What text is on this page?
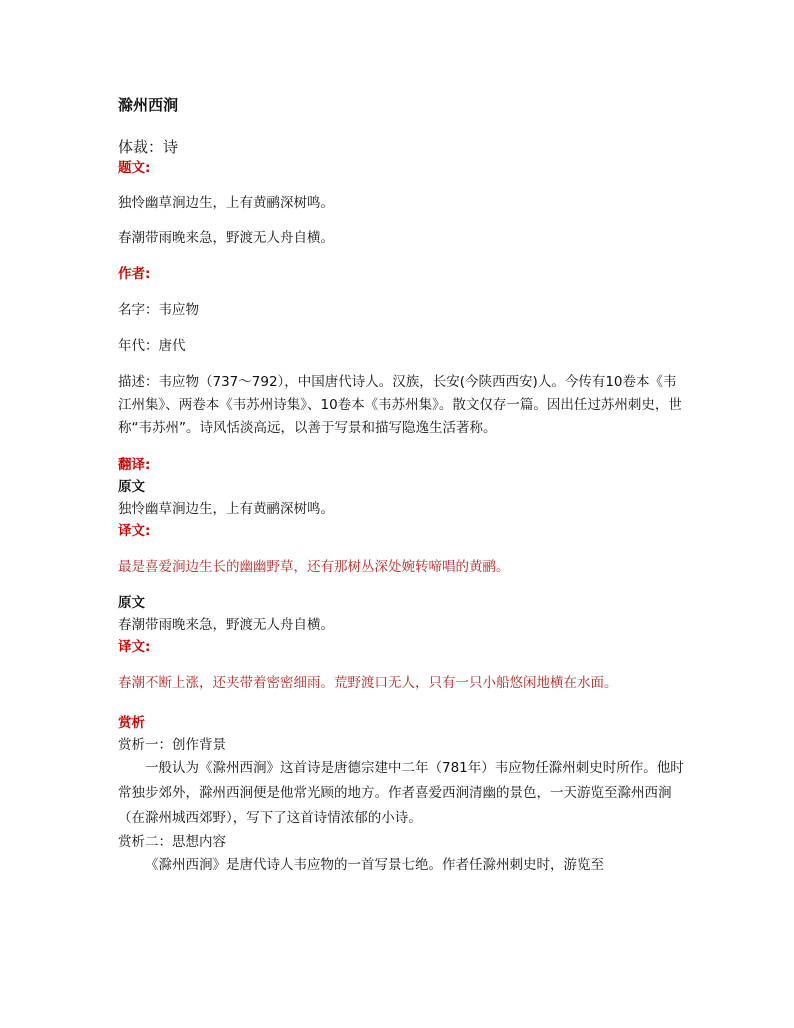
滁州西涧
体裁：诗
题文:
独怜幽草涧边生，上有黄鹂深树鸣。
春潮带雨晚来急，野渡无人舟自横。
作者:
名字：韦应物
年代：唐代
描述：韦应物（737～792），中国唐代诗人。汉族，长安(今陕西西安)人。今传有10卷本《韦江州集》、两卷本《韦苏州诗集》、10卷本《韦苏州集》。散文仅存一篇。因出任过苏州刺史，世称“韦苏州”。诗风恬淡高远，以善于写景和描写隐逸生活著称。
翻译:
原文
独怜幽草涧边生，上有黄鹂深树鸣。
译文:
最是喜爱涧边生长的幽幽野草，还有那树丛深处婉转啼唱的黄鹂。
原文
春潮带雨晚来急，野渡无人舟自横。
译文:
春潮不断上涨，还夹带着密密细雨。荒野渡口无人，只有一只小船悠闲地横在水面。
赏析
赏析一：创作背景
一般认为《滁州西涧》这首诗是唐德宗建中二年（781年）韦应物任滁州刺史时所作。他时常独步郊外，滁州西涧便是他常光顾的地方。作者喜爱西涧清幽的景色，一天游览至滁州西涧（在滁州城西郊野），写下了这首诗情浓郁的小诗。
赏析二：思想内容
《滁州西涧》是唐代诗人韦应物的一首写景七绝。作者任滁州刺史时，游览至
